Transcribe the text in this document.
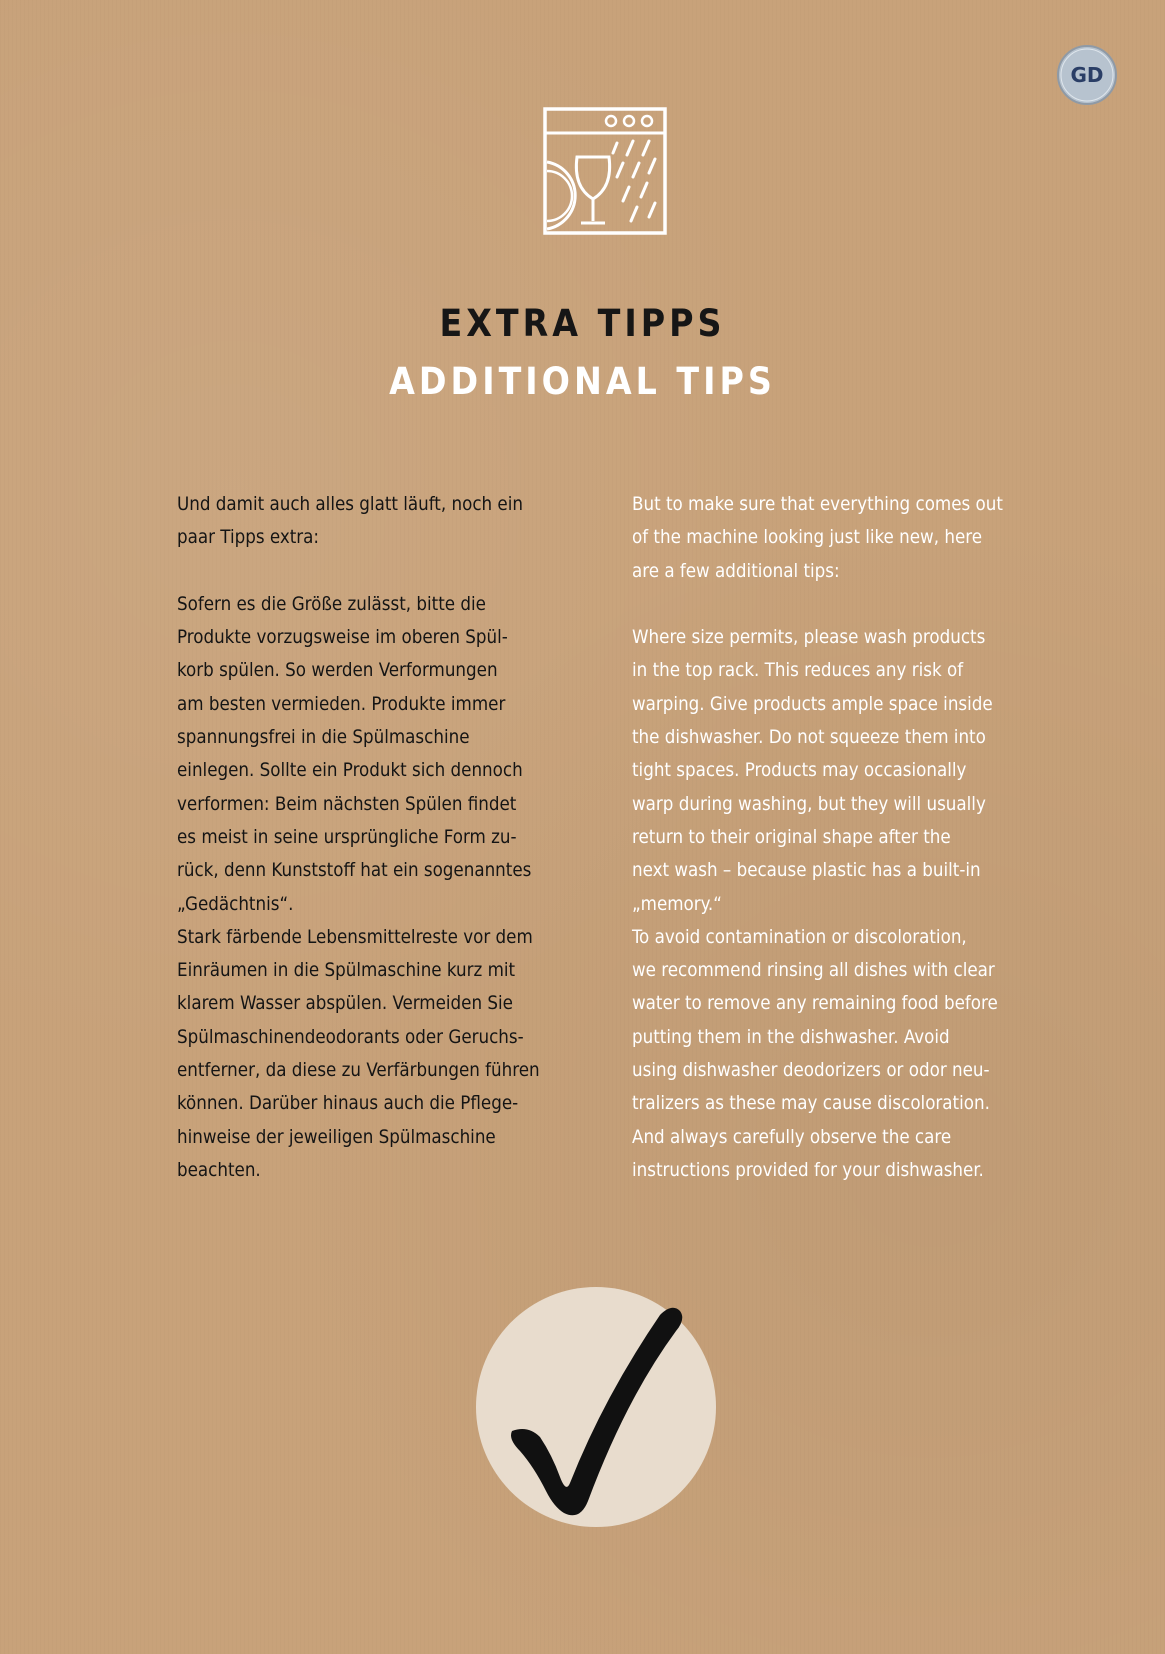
GD
EXTRA TIPPS
ADDITIONAL TIPS
Und damit auch alles glatt läuft, noch ein
paar Tipps extra:

Sofern es die Größe zulässt, bitte die
Produkte vorzugsweise im oberen Spül-
korb spülen. So werden Verformungen
am besten vermieden. Produkte immer
spannungsfrei in die Spülmaschine
einlegen. Sollte ein Produkt sich dennoch
verformen: Beim nächsten Spülen findet
es meist in seine ursprüngliche Form zu-
rück, denn Kunststoff hat ein sogenanntes
„Gedächtnis“.
Stark färbende Lebensmittelreste vor dem
Einräumen in die Spülmaschine kurz mit
klarem Wasser abspülen. Vermeiden Sie
Spülmaschinendeodorants oder Geruchs-
entferner, da diese zu Verfärbungen führen
können. Darüber hinaus auch die Pflege-
hinweise der jeweiligen Spülmaschine
beachten.
But to make sure that everything comes out
of the machine looking just like new, here
are a few additional tips:

Where size permits, please wash products
in the top rack. This reduces any risk of
warping. Give products ample space inside
the dishwasher. Do not squeeze them into
tight spaces. Products may occasionally
warp during washing, but they will usually
return to their original shape after the
next wash – because plastic has a built-in
„memory.“
To avoid contamination or discoloration,
we recommend rinsing all dishes with clear
water to remove any remaining food before
putting them in the dishwasher. Avoid
using dishwasher deodorizers or odor neu-
tralizers as these may cause discoloration.
And always carefully observe the care
instructions provided for your dishwasher.
